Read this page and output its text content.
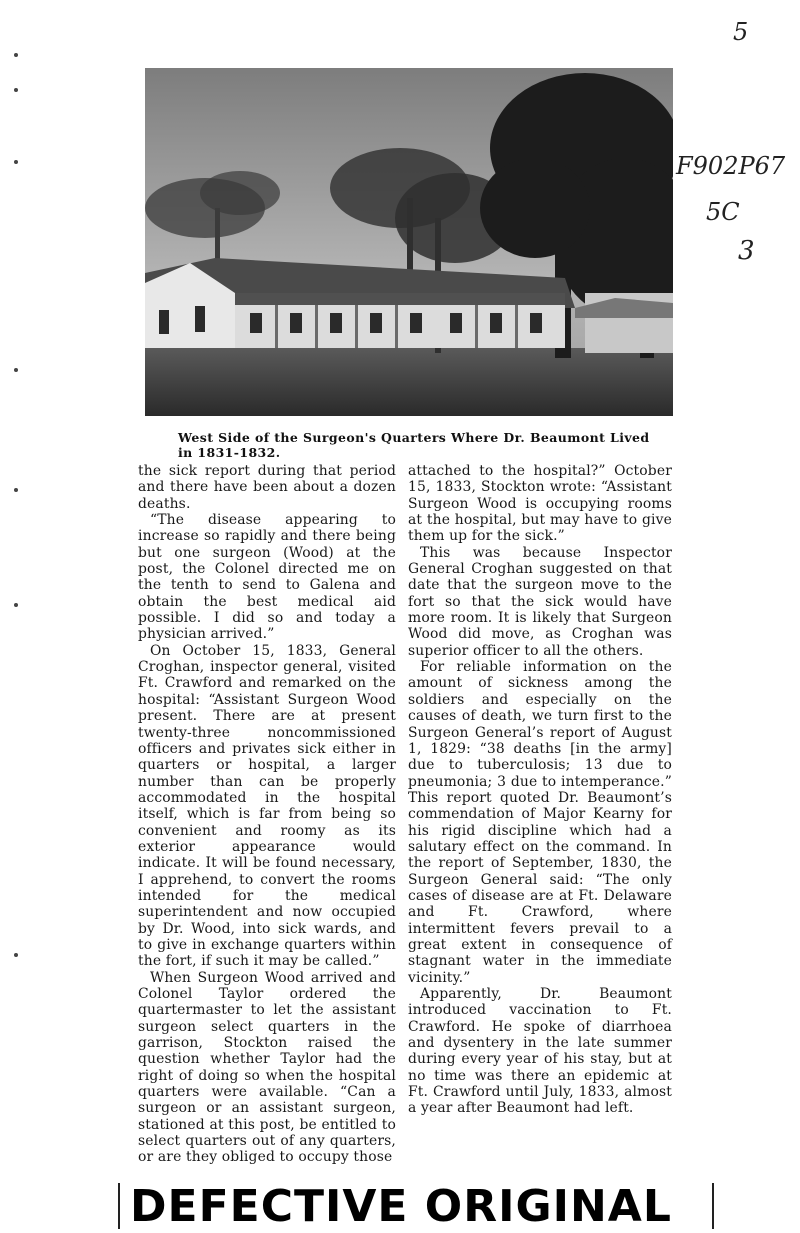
5
F902P67
5C
3
West Side of the Surgeon's Quarters Where Dr. Beaumont Lived in 1831-1832.

the sick report during that period and there have been about a dozen deaths.

“The disease appearing to increase so rapidly and there being but one surgeon (Wood) at the post, the Colonel directed me on the tenth to send to Galena and obtain the best medical aid possible. I did so and today a physician arrived.”

On October 15, 1833, General Croghan, inspector general, visited Ft. Crawford and remarked on the hospital: “Assistant Surgeon Wood present. There are at present twenty-three noncommissioned officers and privates sick either in quarters or hospital, a larger number than can be properly accommodated in the hospital itself, which is far from being so convenient and roomy as its exterior appearance would indicate. It will be found necessary, I apprehend, to convert the rooms intended for the medical superintendent and now occupied by Dr. Wood, into sick wards, and to give in exchange quarters within the fort, if such it may be called.”

When Surgeon Wood arrived and Colonel Taylor ordered the quartermaster to let the assistant surgeon select quarters in the garrison, Stockton raised the question whether Taylor had the right of doing so when the hospital quarters were available. “Can a surgeon or an assistant surgeon, stationed at this post, be entitled to select quarters out of any quarters, or are they obliged to occupy those

attached to the hospital?” October 15, 1833, Stockton wrote: “Assistant Surgeon Wood is occupying rooms at the hospital, but may have to give them up for the sick.”

This was because Inspector General Croghan suggested on that date that the surgeon move to the fort so that the sick would have more room. It is likely that Surgeon Wood did move, as Croghan was superior officer to all the others.

For reliable information on the amount of sickness among the soldiers and especially on the causes of death, we turn first to the Surgeon General’s report of August 1, 1829: “38 deaths [in the army] due to tuberculosis; 13 due to pneumonia; 3 due to intemperance.” This report quoted Dr. Beaumont’s commendation of Major Kearny for his rigid discipline which had a salutary effect on the command. In the report of September, 1830, the Surgeon General said: “The only cases of disease are at Ft. Delaware and Ft. Crawford, where intermittent fevers prevail to a great extent in consequence of stagnant water in the immediate vicinity.”

Apparently, Dr. Beaumont introduced vaccination to Ft. Crawford. He spoke of diarrhoea and dysentery in the late summer during every year of his stay, but at no time was there an epidemic at Ft. Crawford until July, 1833, almost a year after Beaumont had left.

DEFECTIVE ORIGINAL
